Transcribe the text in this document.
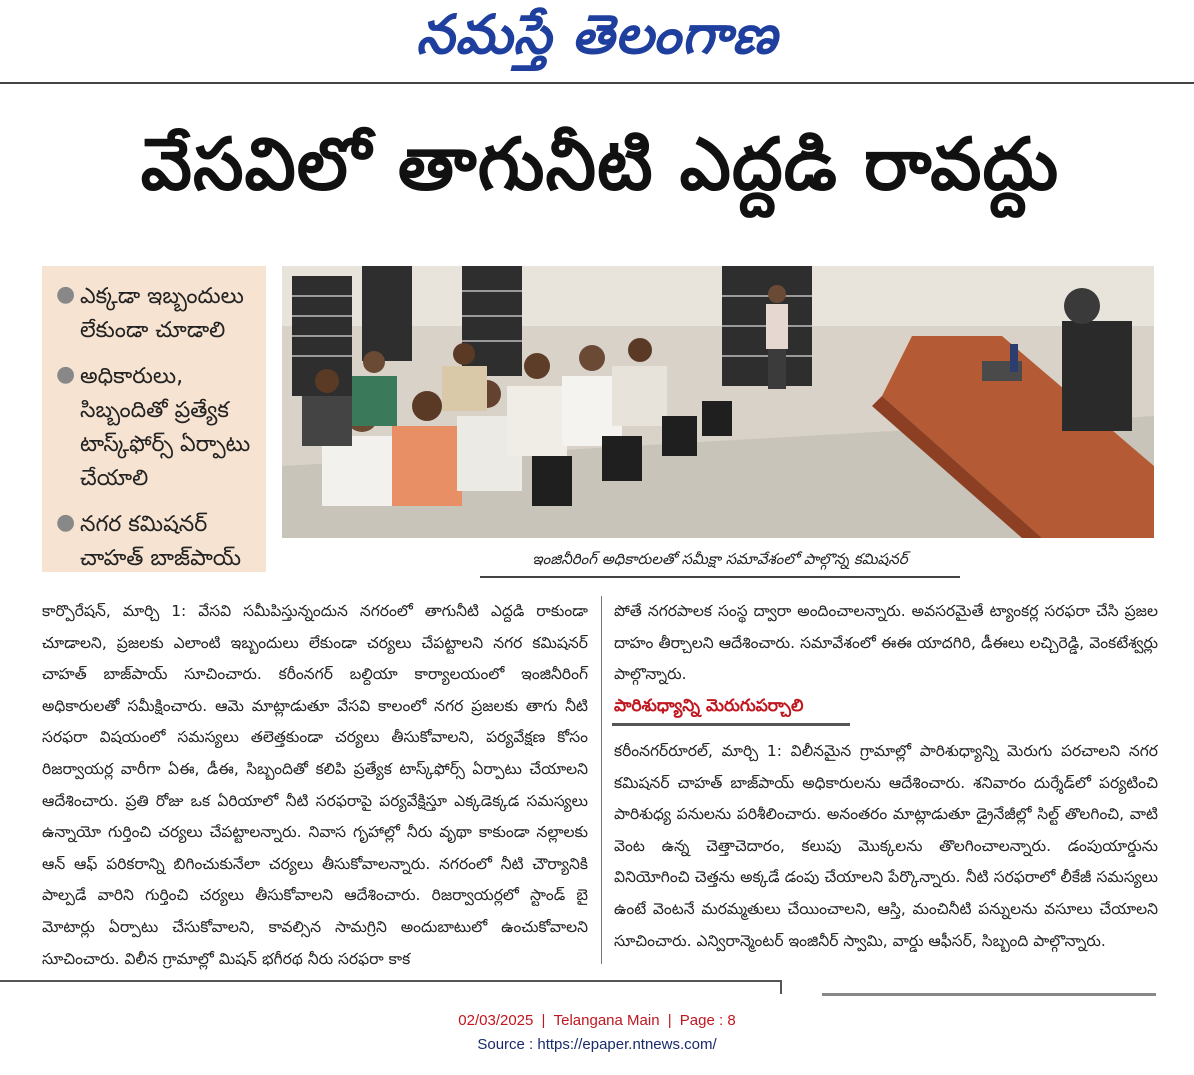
నమస్తే తెలంగాణ
వేసవిలో తాగునీటి ఎద్దడి రావద్దు
● ఎక్కడా ఇబ్బందులు లేకుండా చూడాలి
● అధికారులు, సిబ్బందితో ప్రత్యేక టాస్క్‌ఫోర్స్ ఏర్పాటు చేయాలి
● నగర కమిషనర్ చాహత్ బాజ్‌పాయ్	ఇంజినీరింగ్ అధికారులతో సమీక్షా సమావేశంలో పాల్గొన్న కమిషనర్
కార్పొరేషన్, మార్చి 1: వేసవి సమీపిస్తున్నందున నగరంలో తాగునీటి ఎద్దడి రాకుండా చూడాలని, ప్రజలకు ఎలాంటి ఇబ్బందులు లేకుండా చర్యలు చేపట్టాలని నగర కమిషనర్ చాహత్ బాజ్‌పాయ్ సూచించారు. కరీంనగర్ బల్దియా కార్యాలయంలో ఇంజినీరింగ్ అధికారులతో సమీక్షించారు. ఆమె మాట్లాడుతూ వేసవి కాలంలో నగర ప్రజలకు తాగు నీటి సరఫరా విషయంలో సమస్యలు తలెత్తకుండా చర్యలు తీసుకోవాలని, పర్యవేక్షణ కోసం రిజర్వాయర్ల వారీగా ఏఈ, డీఈ, సిబ్బందితో కలిపి ప్రత్యేక టాస్క్‌ఫోర్స్ ఏర్పాటు చేయాలని ఆదేశించారు. ప్రతి రోజు ఒక ఏరియాలో నీటి సరఫరాపై పర్యవేక్షిస్తూ ఎక్కడెక్కడ సమస్యలు ఉన్నాయో గుర్తించి చర్యలు చేపట్టాలన్నారు. నివాస గృహాల్లో నీరు వృథా కాకుండా నల్లాలకు ఆన్ ఆఫ్ పరికరాన్ని బిగించుకునేలా చర్యలు తీసుకోవాలన్నారు. నగరంలో నీటి చౌర్యానికి పాల్పడే వారిని గుర్తించి చర్యలు తీసుకోవాలని ఆదేశించారు. రిజర్వాయర్లలో స్టాండ్ బై మోటార్లు ఏర్పాటు చేసుకోవాలని, కావల్సిన సామగ్రిని అందుబాటులో ఉంచుకోవాలని సూచించారు. విలీన గ్రామాల్లో మిషన్ భగీరథ నీరు సరఫరా కాక
పోతే నగరపాలక సంస్థ ద్వారా అందించాలన్నారు. అవసరమైతే ట్యాంకర్ల సరఫరా చేసి ప్రజల దాహం తీర్చాలని ఆదేశించారు. సమావేశంలో ఈఈ యాదగిరి, డీఈలు లచ్చిరెడ్డి, వెంకటేశ్వర్లు పాల్గొన్నారు.
పారిశుధ్యాన్ని మెరుగుపర్చాలి
కరీంనగర్‌రూరల్, మార్చి 1: విలీనమైన గ్రామాల్లో పారిశుధ్యాన్ని మెరుగు పరచాలని నగర కమిషనర్ చాహత్ బాజ్‌పాయ్ అధికారులను ఆదేశించారు. శనివారం దుర్శేడ్‌లో పర్యటించి పారిశుధ్య పనులను పరిశీలించారు. అనంతరం మాట్లాడుతూ డ్రైనేజీల్లో సిల్ట్ తొలగించి, వాటి వెంట ఉన్న చెత్తాచెదారం, కలుపు మొక్కలను తొలగించాలన్నారు. డంపుయార్డును వినియోగించి చెత్తను అక్కడే డంపు చేయాలని పేర్కొన్నారు. నీటి సరఫరాలో లీకేజీ సమస్యలు ఉంటే వెంటనే మరమ్మతులు చేయించాలని, ఆస్తి, మంచినీటి పన్నులను వసూలు చేయాలని సూచించారు. ఎన్విరాన్మెంటర్ ఇంజినీర్ స్వామి, వార్డు ఆఫీసర్, సిబ్బంది పాల్గొన్నారు.
02/03/2025 | Telangana Main | Page : 8
Source : https://epaper.ntnews.com/
